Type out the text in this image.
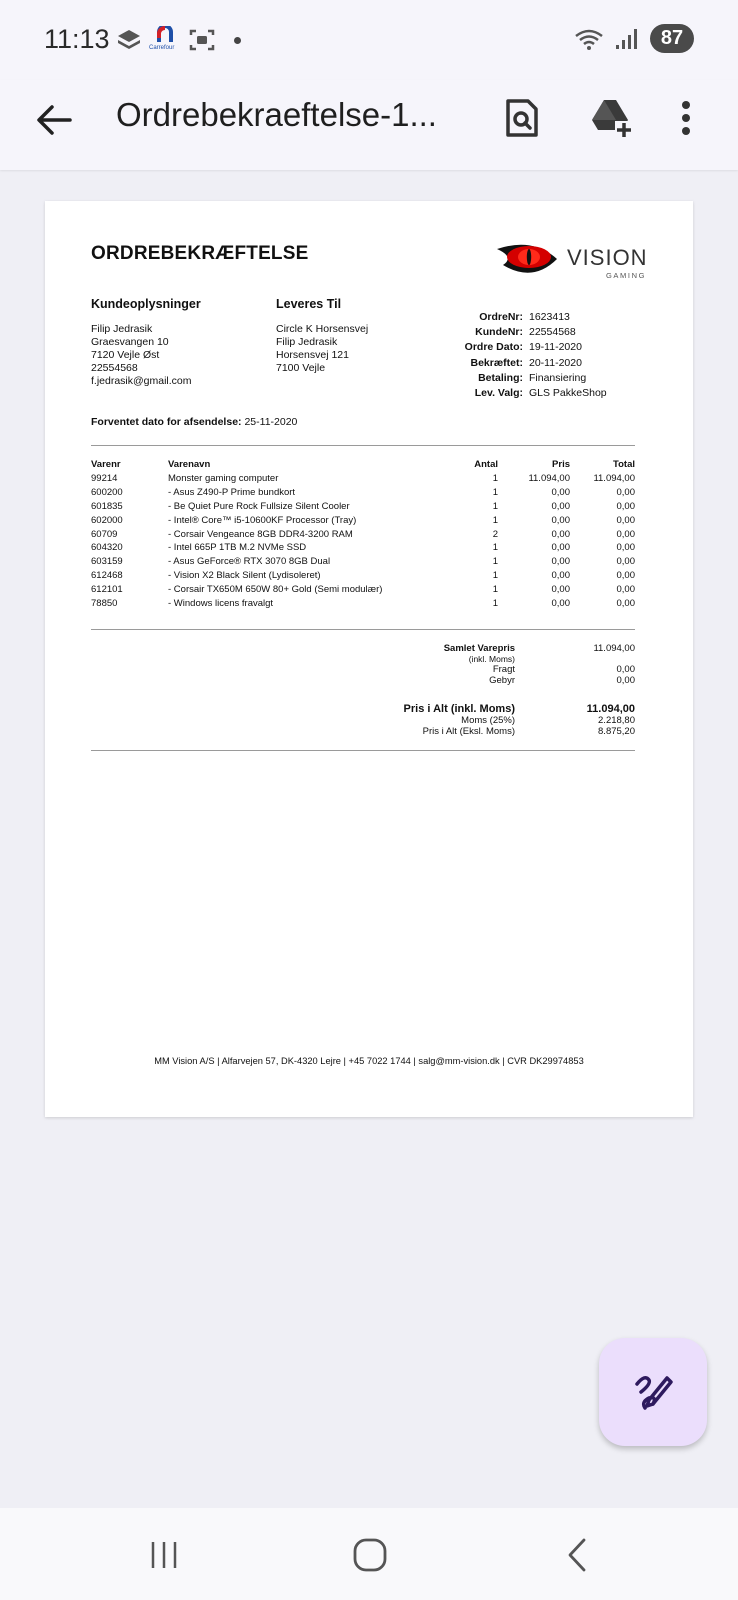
11:13	Carrefour	87
Ordrebekraeftelse-1...
ORDREBEKRÆFTELSE	VISION
GAMING
Kundeoplysninger	Leveres Til
Filip Jedrasik
Graesvangen 10
7120 Vejle Øst
22554568
f.jedrasik@gmail.com
Circle K Horsensvej
Filip Jedrasik
Horsensvej 121
7100 Vejle
OrdreNr: 1623413
KundeNr: 22554568
Ordre Dato: 19-11-2020
Bekræftet: 20-11-2020
Betaling: Finansiering
Lev. Valg: GLS PakkeShop
Forventet dato for afsendelse: 25-11-2020
Varenr	Varenavn	Antal	Pris	Total
99214	Monster gaming computer	1	11.094,00	11.094,00
600200	- Asus Z490-P Prime bundkort	1	0,00	0,00
601835	- Be Quiet Pure Rock Fullsize Silent Cooler	1	0,00	0,00
602000	- Intel® Core™ i5-10600KF Processor (Tray)	1	0,00	0,00
60709	- Corsair Vengeance 8GB DDR4-3200 RAM	2	0,00	0,00
604320	- Intel 665P 1TB M.2 NVMe SSD	1	0,00	0,00
603159	- Asus GeForce® RTX 3070 8GB Dual	1	0,00	0,00
612468	- Vision X2 Black Silent (Lydisoleret)	1	0,00	0,00
612101	- Corsair TX650M 650W 80+ Gold (Semi modulær)	1	0,00	0,00
78850	- Windows licens fravalgt	1	0,00	0,00
Samlet Varepris	11.094,00
(inkl. Moms)
Fragt	0,00
Gebyr	0,00
Pris i Alt (inkl. Moms)	11.094,00
Moms (25%)	2.218,80
Pris i Alt (Eksl. Moms)	8.875,20
MM Vision A/S | Alfarvejen 57, DK-4320 Lejre | +45 7022 1744 | salg@mm-vision.dk | CVR DK29974853
